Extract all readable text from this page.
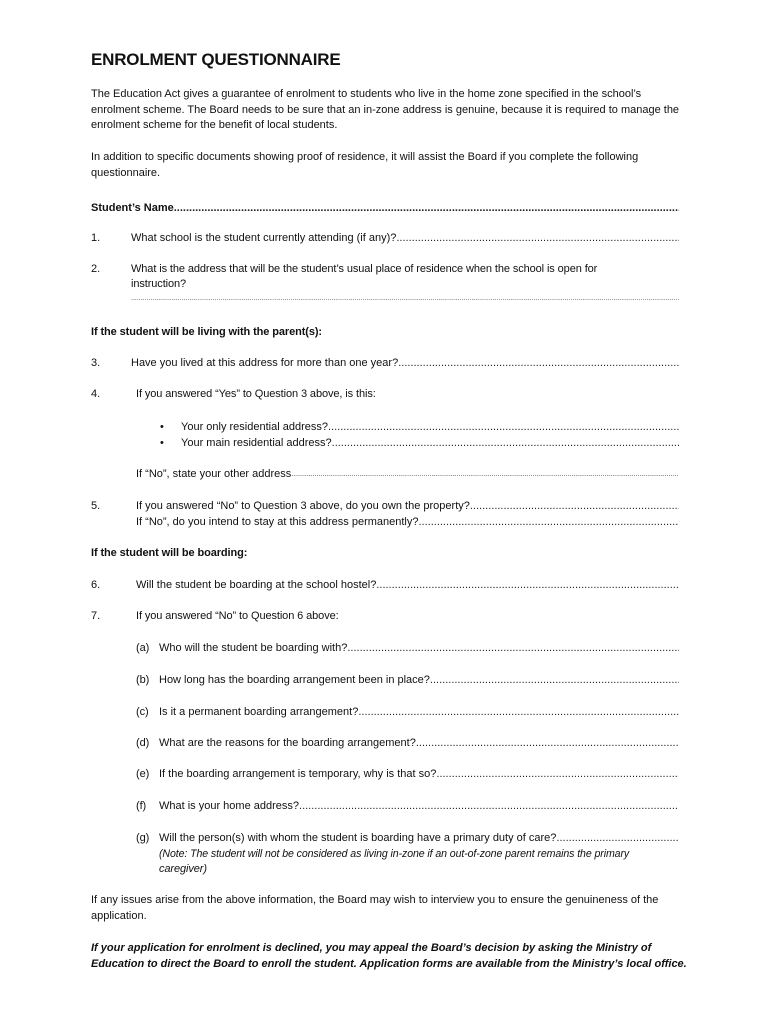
ENROLMENT QUESTIONNAIRE
The Education Act gives a guarantee of enrolment to students who live in the home zone specified in the school’s enrolment scheme. The Board needs to be sure that an in-zone address is genuine, because it is required to manage the enrolment scheme for the benefit of local students.
In addition to specific documents showing proof of residence, it will assist the Board if you complete the following questionnaire.
Student’s Name
.....
1.	What school is the student currently attending (if any)?
.....
2.	What is the address that will be the student’s usual place of residence when the school is open for
instruction?
.....
If the student will be living with the parent(s):
3.	Have you lived at this address for more than one year?
.....
4.	If you answered “Yes” to Question 3 above, is this:
• Your only residential address?
.....
• Your main residential address?
.....
If “No”, state your other address
.....
5.	If you answered “No” to Question 3 above, do you own the property?
.....
If “No”, do you intend to stay at this address permanently?
.....
If the student will be boarding:
6.	Will the student be boarding at the school hostel?
.....
7.	If you answered “No” to Question 6 above:
(a) Who will the student be boarding with?
.....
(b) How long has the boarding arrangement been in place?
.....
(c) Is it a permanent boarding arrangement?
.....
(d) What are the reasons for the boarding arrangement?
.....
(e) If the boarding arrangement is temporary, why is that so?
.....
(f) What is your home address?
.....
(g) Will the person(s) with whom the student is boarding have a primary duty of care?
.....
(Note: The student will not be considered as living in-zone if an out-of-zone parent remains the primary
caregiver)
If any issues arise from the above information, the Board may wish to interview you to ensure the genuineness of the application.
If your application for enrolment is declined, you may appeal the Board’s decision by asking the Ministry of Education to direct the Board to enroll the student. Application forms are available from the Ministry’s local office.
